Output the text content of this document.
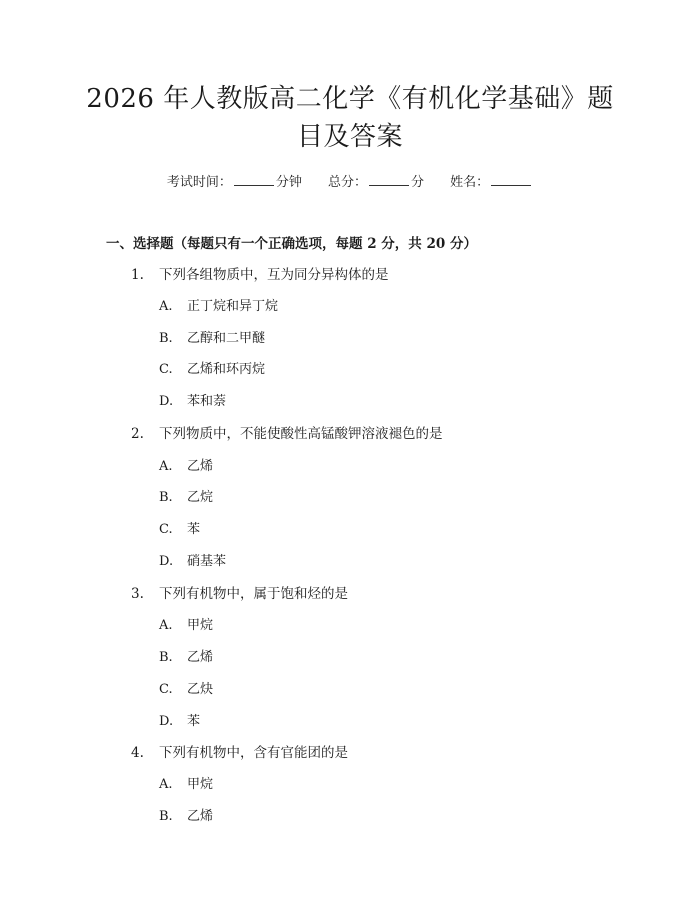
2026 年人教版高二化学《有机化学基础》题
目及答案
考试时间：	分钟 总分：	分 姓名：
一、选择题（每题只有一个正确选项，每题 2 分，共 20 分）
1. 下列各组物质中，互为同分异构体的是
A. 正丁烷和异丁烷
B. 乙醇和二甲醚
C. 乙烯和环丙烷
D. 苯和萘
2. 下列物质中，不能使酸性高锰酸钾溶液褪色的是
A. 乙烯
B. 乙烷
C. 苯
D. 硝基苯
3. 下列有机物中，属于饱和烃的是
A. 甲烷
B. 乙烯
C. 乙炔
D. 苯
4. 下列有机物中，含有官能团的是
A. 甲烷
B. 乙烯
